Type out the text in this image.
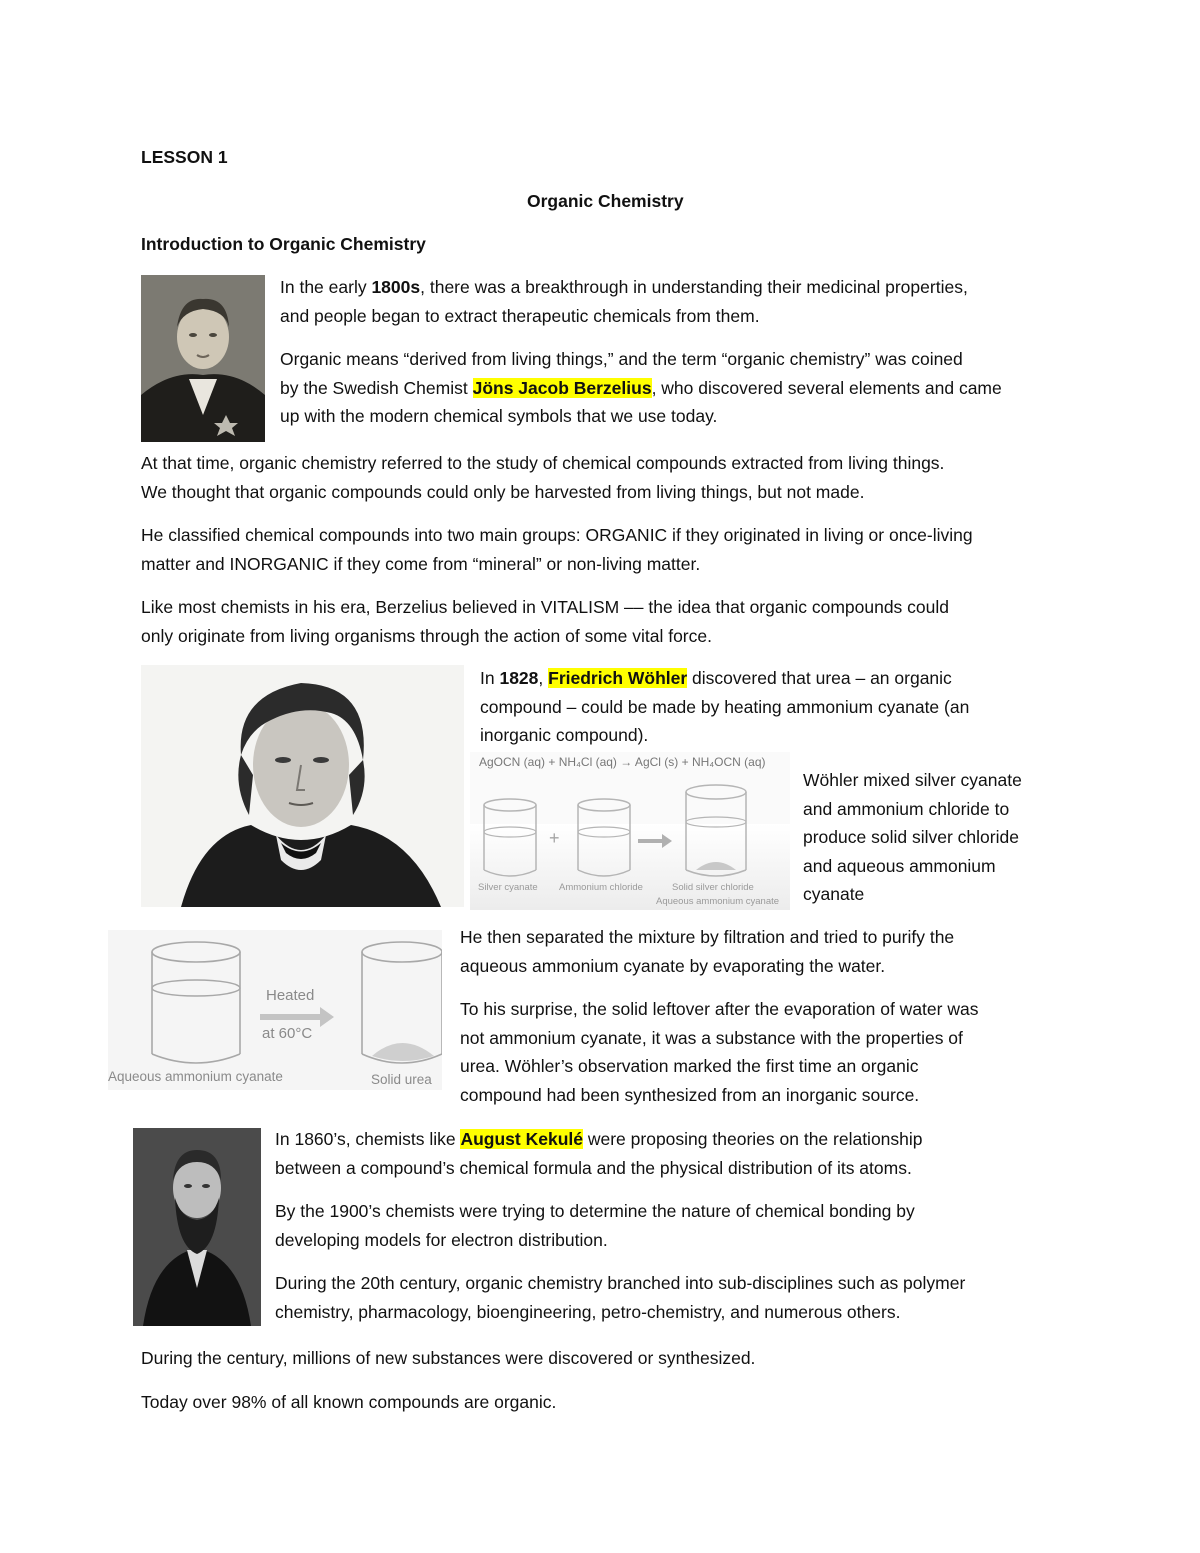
LESSON 1
Organic Chemistry
Introduction to Organic Chemistry

In the early 1800s, there was a breakthrough in understanding their medicinal properties,

and people began to extract therapeutic chemicals from them.

Organic means “derived from living things,” and the term “organic chemistry” was coined

by the Swedish Chemist Jöns Jacob Berzelius, who discovered several elements and came

up with the modern chemical symbols that we use today.

At that time, organic chemistry referred to the study of chemical compounds extracted from living things.

We thought that organic compounds could only be harvested from living things, but not made.

He classified chemical compounds into two main groups: ORGANIC if they originated in living or once-living

matter and INORGANIC if they come from “mineral” or non-living matter.

Like most chemists in his era, Berzelius believed in VITALISM –– the idea that organic compounds could

only originate from living organisms through the action of some vital force.

In 1828, Friedrich Wöhler discovered that urea – an organic

compound – could be made by heating ammonium cyanate (an

inorganic compound).

+
AgOCN (aq) + NH₄Cl (aq) → AgCl (s) + NH₄OCN (aq)
Silver cyanate Ammonium chloride	Solid silver chloride
Aqueous ammonium cyanate

Wöhler mixed silver cyanate

and ammonium chloride to

produce solid silver chloride

and aqueous ammonium

cyanate

Heated
at 60°C
Aqueous ammonium cyanate	Solid urea

He then separated the mixture by filtration and tried to purify the

aqueous ammonium cyanate by evaporating the water.

To his surprise, the solid leftover after the evaporation of water was

not ammonium cyanate, it was a substance with the properties of

urea. Wöhler’s observation marked the first time an organic

compound had been synthesized from an inorganic source.

In 1860’s, chemists like August Kekulé were proposing theories on the relationship

between a compound’s chemical formula and the physical distribution of its atoms.

By the 1900’s chemists were trying to determine the nature of chemical bonding by

developing models for electron distribution.

During the 20th century, organic chemistry branched into sub-disciplines such as polymer

chemistry, pharmacology, bioengineering, petro-chemistry, and numerous others.

During the century, millions of new substances were discovered or synthesized.

Today over 98% of all known compounds are organic.
